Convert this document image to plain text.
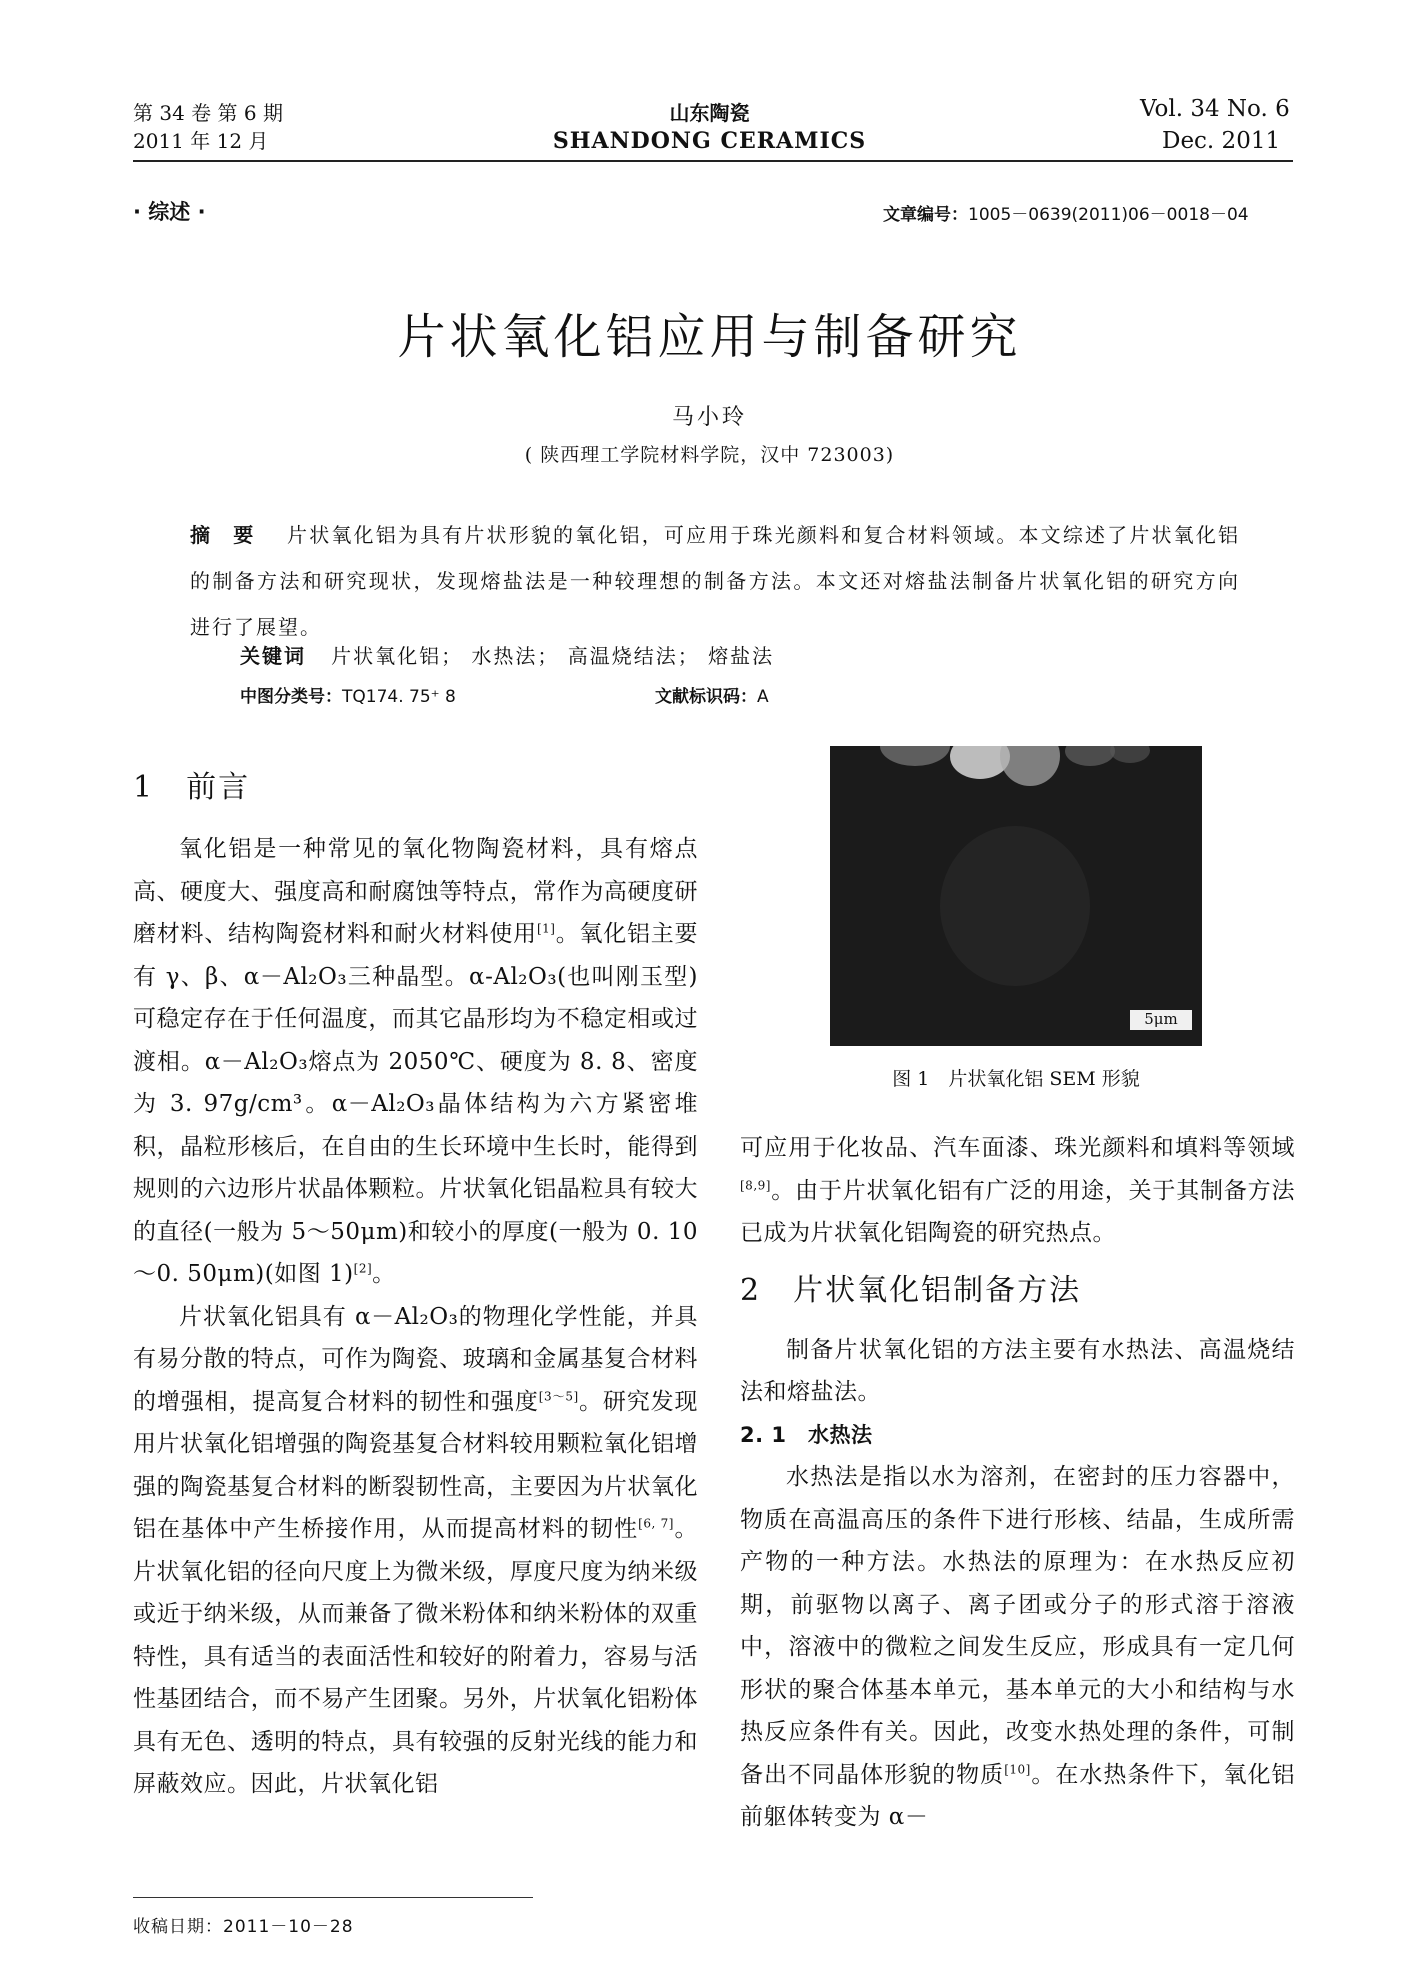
第 34 卷 第 6 期
2011 年 12 月
山东陶瓷
SHANDONG CERAMICS
Vol. 34 No. 6
Dec. 2011
· 综述 ·	文章编号：1005－0639(2011)06－0018－04
片状氧化铝应用与制备研究
马小玲
( 陕西理工学院材料学院，汉中 723003)
摘 要 片状氧化铝为具有片状形貌的氧化铝，可应用于珠光颜料和复合材料领域。本文综述了片状氧化铝的制备方法和研究现状，发现熔盐法是一种较理想的制备方法。本文还对熔盐法制备片状氧化铝的研究方向进行了展望。
关键词 片状氧化铝； 水热法； 高温烧结法； 熔盐法
中图分类号：TQ174. 75⁺ 8	文献标识码：A
1　前言

氧化铝是一种常见的氧化物陶瓷材料，具有熔点高、硬度大、强度高和耐腐蚀等特点，常作为高硬度研磨材料、结构陶瓷材料和耐火材料使用[1]。氧化铝主要有 γ、β、α－Al₂O₃三种晶型。α-Al₂O₃(也叫刚玉型)可稳定存在于任何温度，而其它晶形均为不稳定相或过渡相。α－Al₂O₃熔点为 2050℃、硬度为 8. 8、密度为 3. 97g/cm³。α－Al₂O₃晶体结构为六方紧密堆积，晶粒形核后，在自由的生长环境中生长时，能得到规则的六边形片状晶体颗粒。片状氧化铝晶粒具有较大的直径(一般为 5～50μm)和较小的厚度(一般为 0. 10～0. 50μm)(如图 1)[2]。

片状氧化铝具有 α－Al₂O₃的物理化学性能，并具有易分散的特点，可作为陶瓷、玻璃和金属基复合材料的增强相，提高复合材料的韧性和强度[3～5]。研究发现用片状氧化铝增强的陶瓷基复合材料较用颗粒氧化铝增强的陶瓷基复合材料的断裂韧性高，主要因为片状氧化铝在基体中产生桥接作用，从而提高材料的韧性[6, 7]。片状氧化铝的径向尺度上为微米级，厚度尺度为纳米级或近于纳米级，从而兼备了微米粉体和纳米粉体的双重特性，具有适当的表面活性和较好的附着力，容易与活性基团结合，而不易产生团聚。另外，片状氧化铝粉体具有无色、透明的特点，具有较强的反射光线的能力和屏蔽效应。因此，片状氧化铝

5μm
图 1　片状氧化铝 SEM 形貌

可应用于化妆品、汽车面漆、珠光颜料和填料等领域[8,9]。由于片状氧化铝有广泛的用途，关于其制备方法已成为片状氧化铝陶瓷的研究热点。

2　片状氧化铝制备方法

制备片状氧化铝的方法主要有水热法、高温烧结法和熔盐法。

2. 1　水热法

水热法是指以水为溶剂，在密封的压力容器中，物质在高温高压的条件下进行形核、结晶，生成所需产物的一种方法。水热法的原理为：在水热反应初期，前驱物以离子、离子团或分子的形式溶于溶液中，溶液中的微粒之间发生反应，形成具有一定几何形状的聚合体基本单元，基本单元的大小和结构与水热反应条件有关。因此，改变水热处理的条件，可制备出不同晶体形貌的物质[10]。在水热条件下，氧化铝前躯体转变为 α－

收稿日期：2011－10－28
